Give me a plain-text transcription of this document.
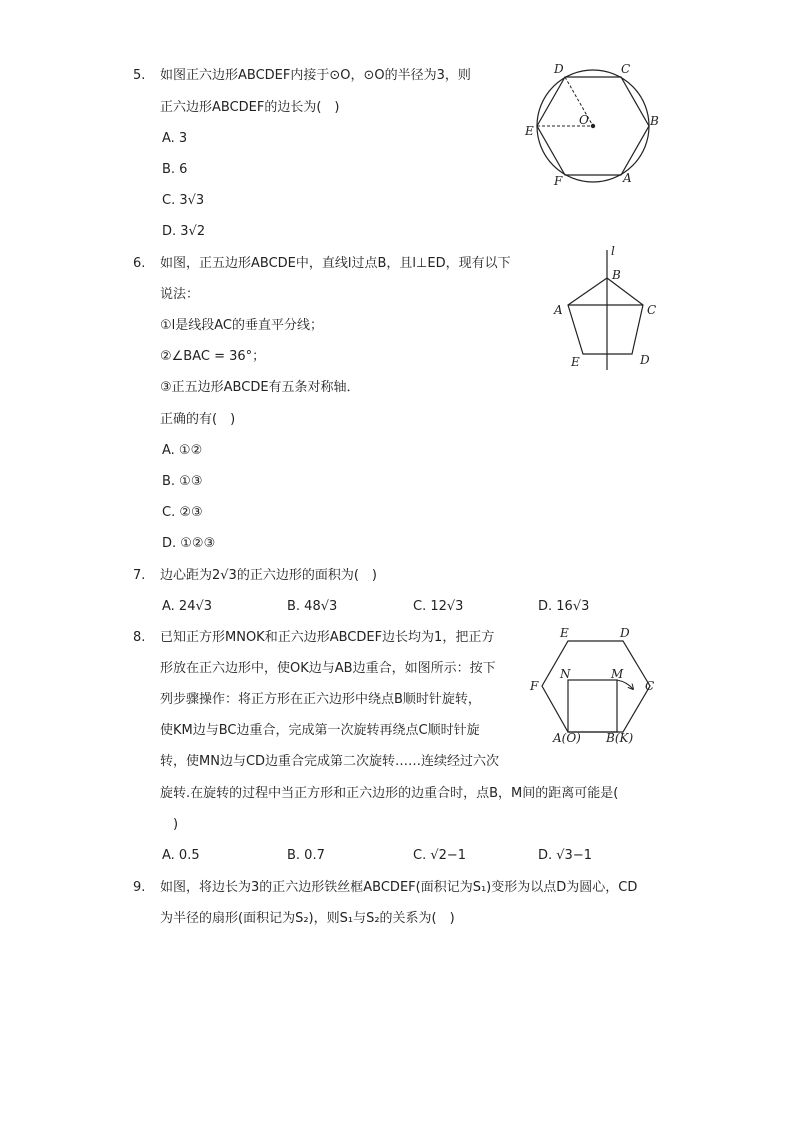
5. 如图正六边形ABCDEF内接于⊙O，⊙O的半径为3，则
正六边形ABCDEF的边长为(　)
A. 3
B. 6
C. 3√3
D. 3√2
D	C
B
A
F
E
O
6. 如图，正五边形ABCDE中，直线l过点B，且l⊥ED，现有以下
说法：
①l是线段AC的垂直平分线；
②∠BAC = 36°；
③正五边形ABCDE有五条对称轴．
正确的有(　)
A. ①②
B. ①③
C. ②③
D. ①②③
l
B
A	C
E	D
7. 边心距为2√3的正六边形的面积为(　)
A. 24√3	B. 48√3	C. 12√3	D. 16√3
8. 已知正方形MNOK和正六边形ABCDEF边长均为1，把正方
形放在正六边形中，使OK边与AB边重合，如图所示：按下
列步骤操作：将正方形在正六边形中绕点B顺时针旋转，
使KM边与BC边重合，完成第一次旋转再绕点C顺时针旋
转，使MN边与CD边重合完成第二次旋转……连续经过六次
旋转.在旋转的过程中当正方形和正六边形的边重合时，点B，M间的距离可能是(
　)
A. 0.5	B. 0.7	C. √2−1	D. √3−1
E	D
N	M
F	C
A(O) B(K)
9. 如图，将边长为3的正六边形铁丝框ABCDEF(面积记为S₁)变形为以点D为圆心，CD
为半径的扇形(面积记为S₂)，则S₁与S₂的关系为(　)
